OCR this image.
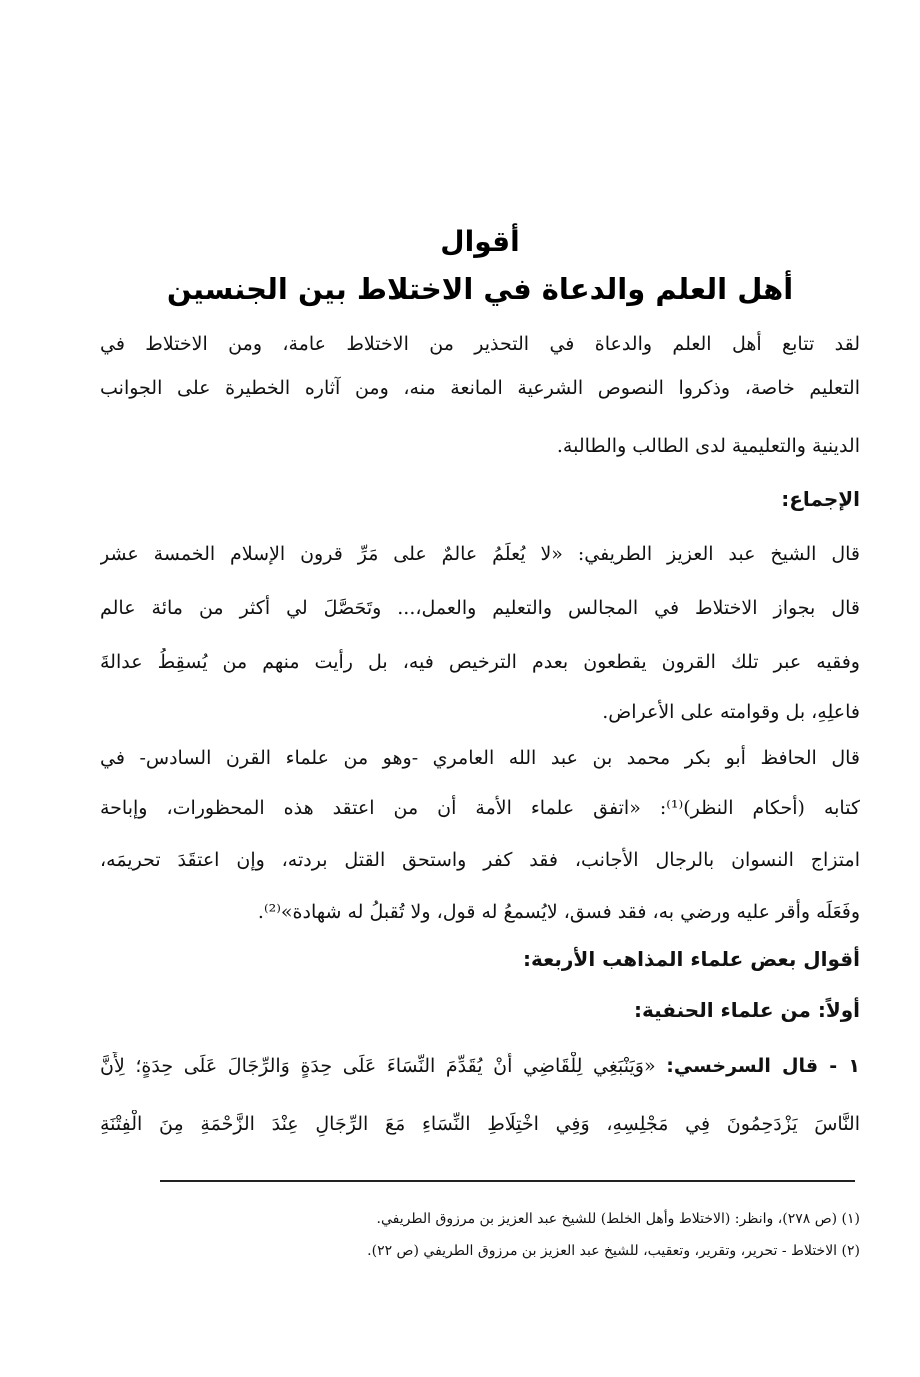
أقوال
أهل العلم والدعاة في الاختلاط بين الجنسين
لقد تتابع أهل العلم والدعاة في التحذير من الاختلاط عامة، ومن الاختلاط في
التعليم خاصة، وذكروا النصوص الشرعية المانعة منه، ومن آثاره الخطيرة على الجوانب
الدينية والتعليمية لدى الطالب والطالبة.
الإجماع:
قال الشيخ عبد العزيز الطريفي: «لا يُعلَمُ عالمٌ على مَرِّ قرون الإسلام الخمسة عشر
قال بجواز الاختلاط في المجالس والتعليم والعمل،... وتَحَصَّلَ لي أكثر من مائة عالم
وفقيه عبر تلك القرون يقطعون بعدم الترخيص فيه، بل رأيت منهم من يُسقِطُ عدالةَ
فاعلِهِ، بل وقوامته على الأعراض.
قال الحافظ أبو بكر محمد بن عبد الله العامري -وهو من علماء القرن السادس- في
كتابه (أحكام النظر)⁽¹⁾: «اتفق علماء الأمة أن من اعتقد هذه المحظورات، وإباحة
امتزاج النسوان بالرجال الأجانب، فقد كفر واستحق القتل بردته، وإن اعتقَدَ تحريمَه،
وفَعَلَه وأقر عليه ورضي به، فقد فسق، لايُسمعُ له قول، ولا تُقبلُ له شهادة»⁽²⁾.
أقوال بعض علماء المذاهب الأربعة:
أولاً: من علماء الحنفية:
١ - قال السرخسي: «وَيَنْبَغِي لِلْقَاضِي أَنْ يُقَدِّمَ النِّسَاءَ عَلَى حِدَةٍ وَالرِّجَالَ عَلَى حِدَةٍ؛ لِأَنَّ
النَّاسَ يَزْدَحِمُونَ فِي مَجْلِسِهِ، وَفِي اخْتِلَاطِ النِّسَاءِ مَعَ الرِّجَالِ عِنْدَ الزَّحْمَةِ مِنَ الْفِتْنَةِ
(١) (ص ٢٧٨)، وانظر: (الاختلاط وأهل الخلط) للشيخ عبد العزيز بن مرزوق الطريفي.
(٢) الاختلاط - تحرير، وتقرير، وتعقيب، للشيخ عبد العزيز بن مرزوق الطريفي (ص ٢٢).
